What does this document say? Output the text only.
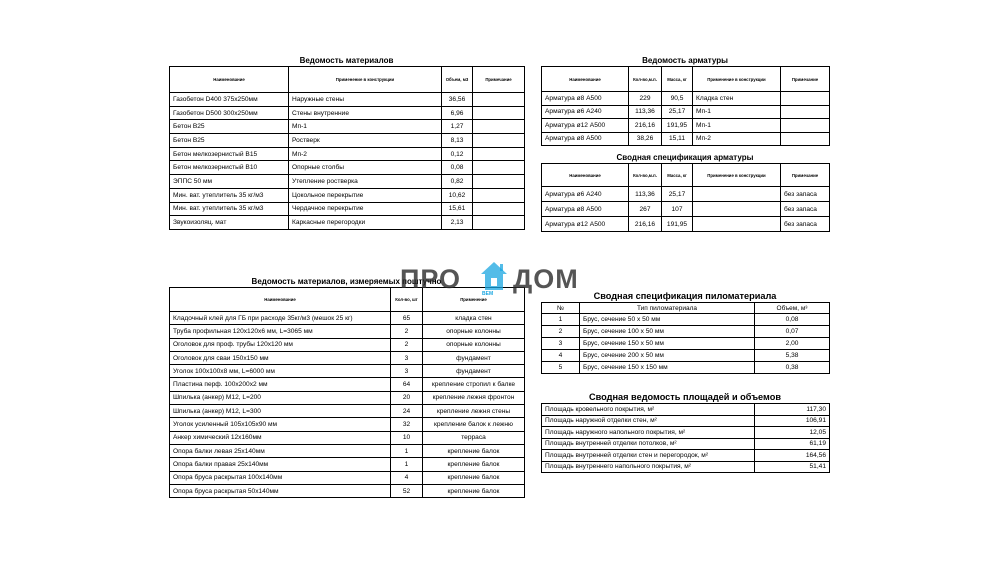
Ведомость материалов
Наименование	Применение в конструкции	Объем, м3	Примечание
Газобетон D400 375х250мм	Наружные стены	36,56	
Газобетон D500 300х250мм	Стены внутренние	6,96	
Бетон В25	Мп-1	1,27	
Бетон В25	Ростверк	8,13	
Бетон мелкозернистый В15	Мп-2	0,12	
Бетон мелкозернистый В10	Опорные столбы	0,08	
ЭППС 50 мм	Утепление ростверка	0,82	
Мин. ват. утеплитель 35 кг/м3	Цокольное перекрытие	10,62	
Мин. ват. утеплитель 35 кг/м3	Чердачное перекрытие	15,61	
Звукоизоляц. мат	Каркасные перегородки	2,13	
Ведомость арматуры
Наименование	Кол-во,м.п.	Масса, кг	Применение в конструкции	Примечание
Арматура ø8 А500	229	90,5	Кладка стен	
Арматура ø6 А240	113,36	25,17	Мп-1	
Арматура ø12 А500	216,16	191,95	Мп-1	
Арматура ø8 А500	38,26	15,11	Мп-2	
Сводная спецификация арматуры
Наименование	Кол-во,м.п.	Масса, кг	Применение в конструкции	Примечание
Арматура ø6 А240	113,36	25,17		без запаса
Арматура ø8 А500	267	107		без запаса
Арматура ø12 А500	216,16	191,95		без запаса
Ведомость материалов, измеряемых поштучно
Наименование	Кол-во, шт	Применение
Кладочный клей для ГБ при расходе 35кг/м3 (мешок 25 кг)	65	кладка стен
Труба профильная 120х120х6 мм, L=3065 мм	2	опорные колонны
Оголовок для проф. трубы 120х120 мм	2	опорные колонны
Оголовок для сваи 150х150 мм	3	фундамент
Уголок 100х100х8 мм, L=6000 мм	3	фундамент
Пластина перф. 100х200х2 мм	64	крепление стропил к балке
Шпилька (анкер) М12, L=200	20	крепление лежня фронтон
Шпилька (анкер) М12, L=300	24	крепление лежня стены
Уголок усиленный 105х105х90 мм	32	крепление балок к лежню
Анкер химический 12х160мм	10	терраса
Опора балки левая 25х140мм	1	крепление балок
Опора балки правая 25х140мм	1	крепление балок
Опора бруса раскрытая 100х140мм	4	крепление балок
Опора бруса раскрытая 50х140мм	52	крепление балок
Сводная спецификация пиломатериала
№	Тип пиломатериала	Объем, м³
1	Брус, сечение 50 х 50 мм	0,08
2	Брус, сечение 100 х 50 мм	0,07
3	Брус, сечение 150 х 50 мм	2,00
4	Брус, сечение 200 х 50 мм	5,38
5	Брус, сечение 150 х 150 мм	0,38
Сводная ведомость площадей и объемов
Площадь кровельного покрытия, м²	117,30
Площадь наружной отделки стен, м²	106,91
Площадь наружного напольного покрытия, м²	12,05
Площадь внутренней отделки потолков, м²	61,19
Площадь внутренней отделки стен и перегородок, м²	164,56
Площадь внутреннего напольного покрытия, м²	51,41
ПРО ДОМ
ВЕМ
